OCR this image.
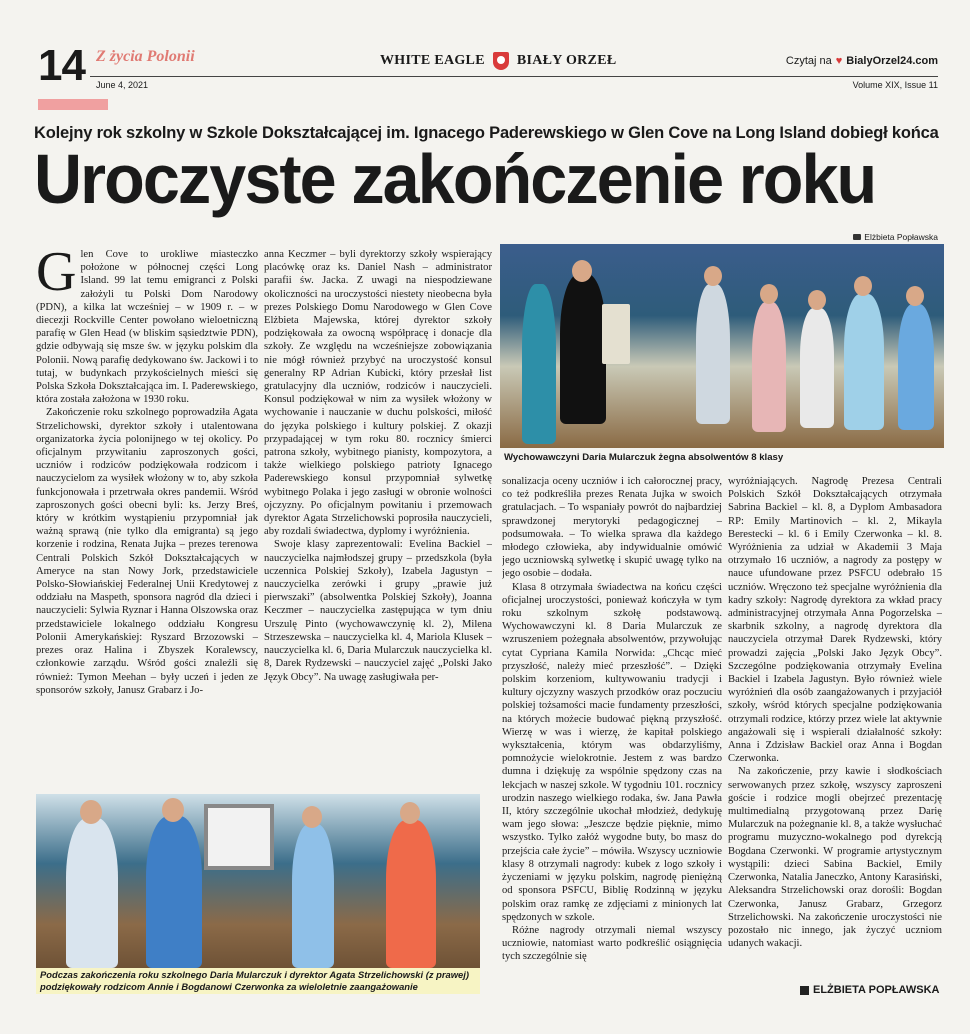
14 Z życia Polonii
June 4, 2021
WHITE EAGLE BIAŁY ORZEŁ	Czytaj na ♥ BialyOrzel24.com
Volume XIX, Issue 11
Kolejny rok szkolny w Szkole Dokształcającej im. Ignacego Paderewskiego w Glen Cove na Long Island dobiegł końca
Uroczyste zakończenie roku
Elżbieta Popławska

Glen Cove to urokliwe miasteczko położone w północnej części Long Island. 99 lat temu emigranci z Polski założyli tu Polski Dom Narodowy (PDN), a kilka lat wcześniej – w 1909 r. – w diecezji Rockville Center powołano wieloetniczną parafię w Glen Head (w bliskim sąsiedztwie PDN), gdzie odbywają się msze św. w języku polskim dla Polonii. Nową parafię dedykowano św. Jackowi i to tutaj, w budynkach przykościelnych mieści się Polska Szkoła Dokształcająca im. I. Paderewskiego, która została założona w 1930 roku.

Zakończenie roku szkolnego poprowadziła Agata Strzelichowski, dyrektor szkoły i utalentowana organizatorka życia polonijnego w tej okolicy. Po oficjalnym przywitaniu zaproszonych gości, uczniów i rodziców podziękowała rodzicom i nauczycielom za wysiłek włożony w to, aby szkoła funkcjonowała i przetrwała okres pandemii. Wśród zaproszonych gości obecni byli: ks. Jerzy Breś, który w krótkim wystąpieniu przypomniał jak ważną sprawą (nie tylko dla emigranta) są jego korzenie i rodzina, Renata Jujka – prezes terenowa Centrali Polskich Szkół Dokształcających w Ameryce na stan Nowy Jork, przedstawiciele Polsko-Słowiańskiej Federalnej Unii Kredytowej z oddziału na Maspeth, sponsora nagród dla dzieci i nauczycieli: Sylwia Ryznar i Hanna Olszowska oraz przedstawiciele lokalnego oddziału Kongresu Polonii Amerykańskiej: Ryszard Brzozowski – prezes oraz Halina i Zbyszek Koralewscy, członkowie zarządu. Wśród gości znaleźli się również: Tymon Meehan – były uczeń i jeden ze sponsorów szkoły, Janusz Grabarz i Jo-

anna Keczmer – byli dyrektorzy szkoły wspierający placówkę oraz ks. Daniel Nash – administrator parafii św. Jacka. Z uwagi na niespodziewane okoliczności na uroczystości niestety nieobecna była prezes Polskiego Domu Narodowego w Glen Cove Elżbieta Majewska, której dyrektor szkoły podziękowała za owocną współpracę i donacje dla szkoły. Ze względu na wcześniejsze zobowiązania nie mógł również przybyć na uroczystość konsul generalny RP Adrian Kubicki, który przesłał list gratulacyjny dla uczniów, rodziców i nauczycieli. Konsul podziękował w nim za wysiłek włożony w wychowanie i nauczanie w duchu polskości, miłość do języka polskiego i kultury polskiej. Z okazji przypadającej w tym roku 80. rocznicy śmierci patrona szkoły, wybitnego pianisty, kompozytora, a także wielkiego polskiego patrioty Ignacego Paderewskiego konsul przypomniał sylwetkę wybitnego Polaka i jego zasługi w obronie wolności ojczyzny. Po oficjalnym powitaniu i przemowach dyrektor Agata Strzelichowski poprosiła nauczycieli, aby rozdali świadectwa, dyplomy i wyróżnienia.

Swoje klasy zaprezentowali: Evelina Backiel – nauczycielka najmłodszej grupy – przedszkola (była uczennica Polskiej Szkoły), Izabela Jagustyn – nauczycielka zerówki i grupy „prawie już pierwszaki” (absolwentka Polskiej Szkoły), Joanna Keczmer – nauczycielka zastępująca w tym dniu Urszulę Pinto (wychowawczynię kl. 2), Milena Strzeszewska – nauczycielka kl. 4, Mariola Klusek – nauczycielka kl. 6, Daria Mularczuk nauczycielka kl. 8, Darek Rydzewski – nauczyciel zajęć „Polski Jako Język Obcy”. Na uwagę zasługiwała per-

Wychowawczyni Daria Mularczuk żegna absolwentów 8 klasy

sonalizacja oceny uczniów i ich całorocznej pracy, co też podkreśliła prezes Renata Jujka w swoich gratulacjach. – To wspaniały powrót do najbardziej sprawdzonej merytoryki pedagogicznej – podsumowała. – To wielka sprawa dla każdego młodego człowieka, aby indywidualnie omówić jego uczniowską sylwetkę i skupić uwagę tylko na jego osobie – dodała.

Klasa 8 otrzymała świadectwa na końcu części oficjalnej uroczystości, ponieważ kończyła w tym roku szkolnym szkołę podstawową. Wychowawczyni kl. 8 Daria Mularczuk ze wzruszeniem pożegnała absolwentów, przywołując cytat Cypriana Kamila Norwida: „Chcąc mieć przyszłość, należy mieć przeszłość”. – Dzięki polskim korzeniom, kultywowaniu tradycji i kultury ojczyzny waszych przodków oraz poczuciu polskiej tożsamości macie fundamenty przeszłości, na których możecie budować piękną przyszłość. Wierzę w was i wierzę, że kapitał polskiego wykształcenia, którym was obdarzyliśmy, pomnożycie wielokrotnie. Jestem z was bardzo dumna i dziękuję za wspólnie spędzony czas na lekcjach w naszej szkole. W tygodniu 101. rocznicy urodzin naszego wielkiego rodaka, św. Jana Pawła II, który szczególnie ukochał młodzież, dedykuję wam jego słowa: „Jeszcze będzie pięknie, mimo wszystko. Tylko załóż wygodne buty, bo masz do przejścia całe życie” – mówiła. Wszyscy uczniowie klasy 8 otrzymali nagrody: kubek z logo szkoły i życzeniami w języku polskim, nagrodę pieniężną od sponsora PSFCU, Biblię Rodzinną w języku polskim oraz ramkę ze zdjęciami z minionych lat spędzonych w szkole.

Różne nagrody otrzymali niemal wszyscy uczniowie, natomiast warto podkreślić osiągnięcia tych szczególnie się

wyróżniających. Nagrodę Prezesa Centrali Polskich Szkół Dokształcających otrzymała Sabrina Backiel – kl. 8, a Dyplom Ambasadora RP: Emily Martinovich – kl. 2, Mikayla Berestecki – kl. 6 i Emily Czerwonka – kl. 8. Wyróżnienia za udział w Akademii 3 Maja otrzymało 16 uczniów, a nagrody za postępy w nauce ufundowane przez PSFCU odebrało 15 uczniów. Wręczono też specjalne wyróżnienia dla kadry szkoły: Nagrodę dyrektora za wkład pracy administracyjnej otrzymała Anna Pogorzelska – skarbnik szkolny, a nagrodę dyrektora dla nauczyciela otrzymał Darek Rydzewski, który prowadzi zajęcia „Polski Jako Język Obcy”. Szczególne podziękowania otrzymały Evelina Backiel i Izabela Jagustyn. Było również wiele wyróżnień dla osób zaangażowanych i przyjaciół szkoły, wśród których specjalne podziękowania otrzymali rodzice, którzy przez wiele lat aktywnie angażowali się i wspierali działalność szkoły: Anna i Zdzisław Backiel oraz Anna i Bogdan Czerwonka.

Na zakończenie, przy kawie i słodkościach serwowanych przez szkołę, wszyscy zaproszeni goście i rodzice mogli obejrzeć prezentację multimedialną przygotowaną przez Darię Mularczuk na pożegnanie kl. 8, a także wysłuchać programu muzyczno-wokalnego pod dyrekcją Bogdana Czerwonki. W programie artystycznym wystąpili: dzieci Sabina Backiel, Emily Czerwonka, Natalia Janeczko, Antony Karasiński, Aleksandra Strzelichowski oraz dorośli: Bogdan Czerwonka, Janusz Grabarz, Grzegorz Strzelichowski. Na zakończenie uroczystości nie pozostało nic innego, jak życzyć uczniom udanych wakacji.

Podczas zakończenia roku szkolnego Daria Mularczuk i dyrektor Agata Strzelichowski (z prawej) podziękowały rodzicom Annie i Bogdanowi Czerwonka za wieloletnie zaangażowanie	ELŻBIETA POPŁAWSKA
